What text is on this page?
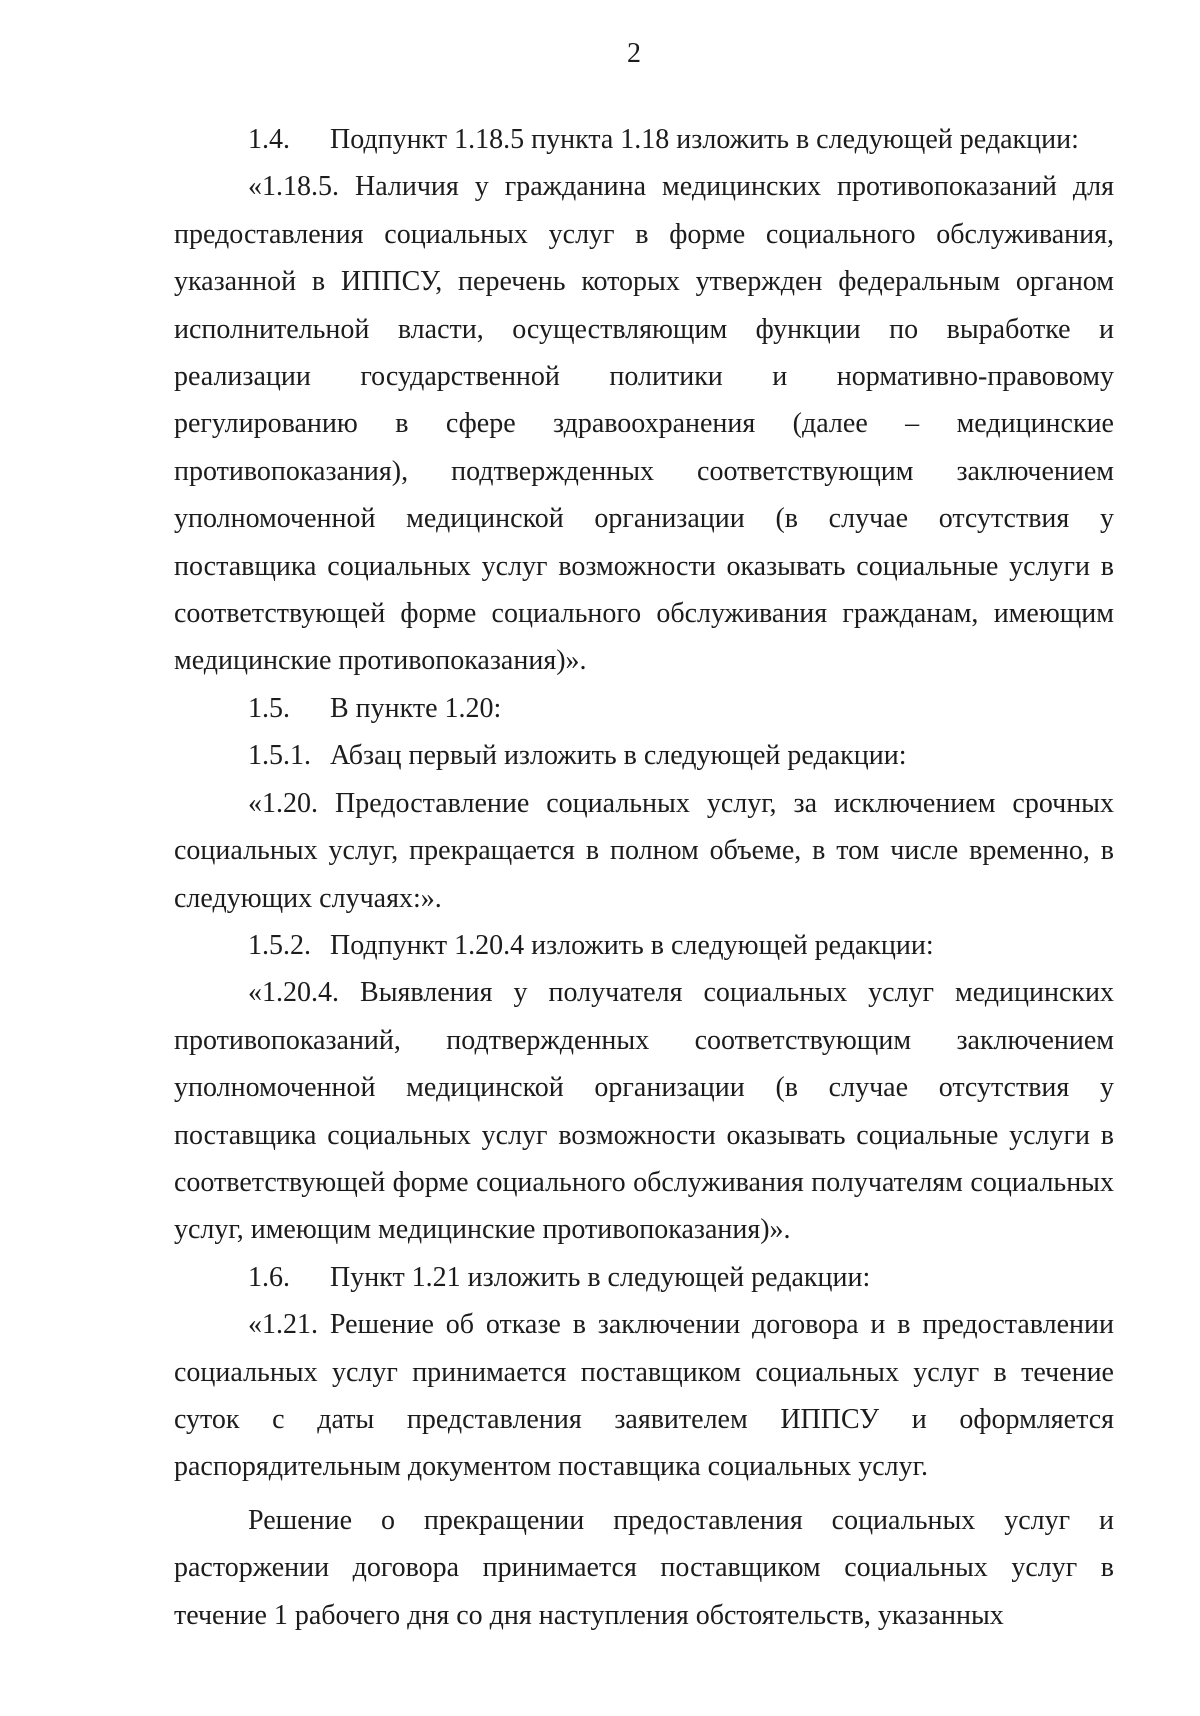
2

1.4. Подпункт 1.18.5 пункта 1.18 изложить в следующей редакции:

«1.18.5. Наличия у гражданина медицинских противопоказаний для предоставления социальных услуг в форме социального обслуживания, указанной в ИППСУ, перечень которых утвержден федеральным органом исполнительной власти, осуществляющим функции по выработке и реализации государственной политики и нормативно-правовому регулированию в сфере здравоохранения (далее – медицинские противопоказания), подтвержденных соответствующим заключением уполномоченной медицинской организации (в случае отсутствия у поставщика социальных услуг возможности оказывать социальные услуги в соответствующей форме социального обслуживания гражданам, имеющим медицинские противопоказания)».

1.5. В пункте 1.20:

1.5.1. Абзац первый изложить в следующей редакции:

«1.20. Предоставление социальных услуг, за исключением срочных социальных услуг, прекращается в полном объеме, в том числе временно, в следующих случаях:».

1.5.2. Подпункт 1.20.4 изложить в следующей редакции:

«1.20.4. Выявления у получателя социальных услуг медицинских противопоказаний, подтвержденных соответствующим заключением уполномоченной медицинской организации (в случае отсутствия у поставщика социальных услуг возможности оказывать социальные услуги в соответствующей форме социального обслуживания получателям социальных услуг, имеющим медицинские противопоказания)».

1.6. Пункт 1.21 изложить в следующей редакции:

«1.21. Решение об отказе в заключении договора и в предоставлении социальных услуг принимается поставщиком социальных услуг в течение суток с даты представления заявителем ИППСУ и оформляется распорядительным документом поставщика социальных услуг.

Решение о прекращении предоставления социальных услуг и расторжении договора принимается поставщиком социальных услуг в течение 1 рабочего дня со дня наступления обстоятельств, указанных
